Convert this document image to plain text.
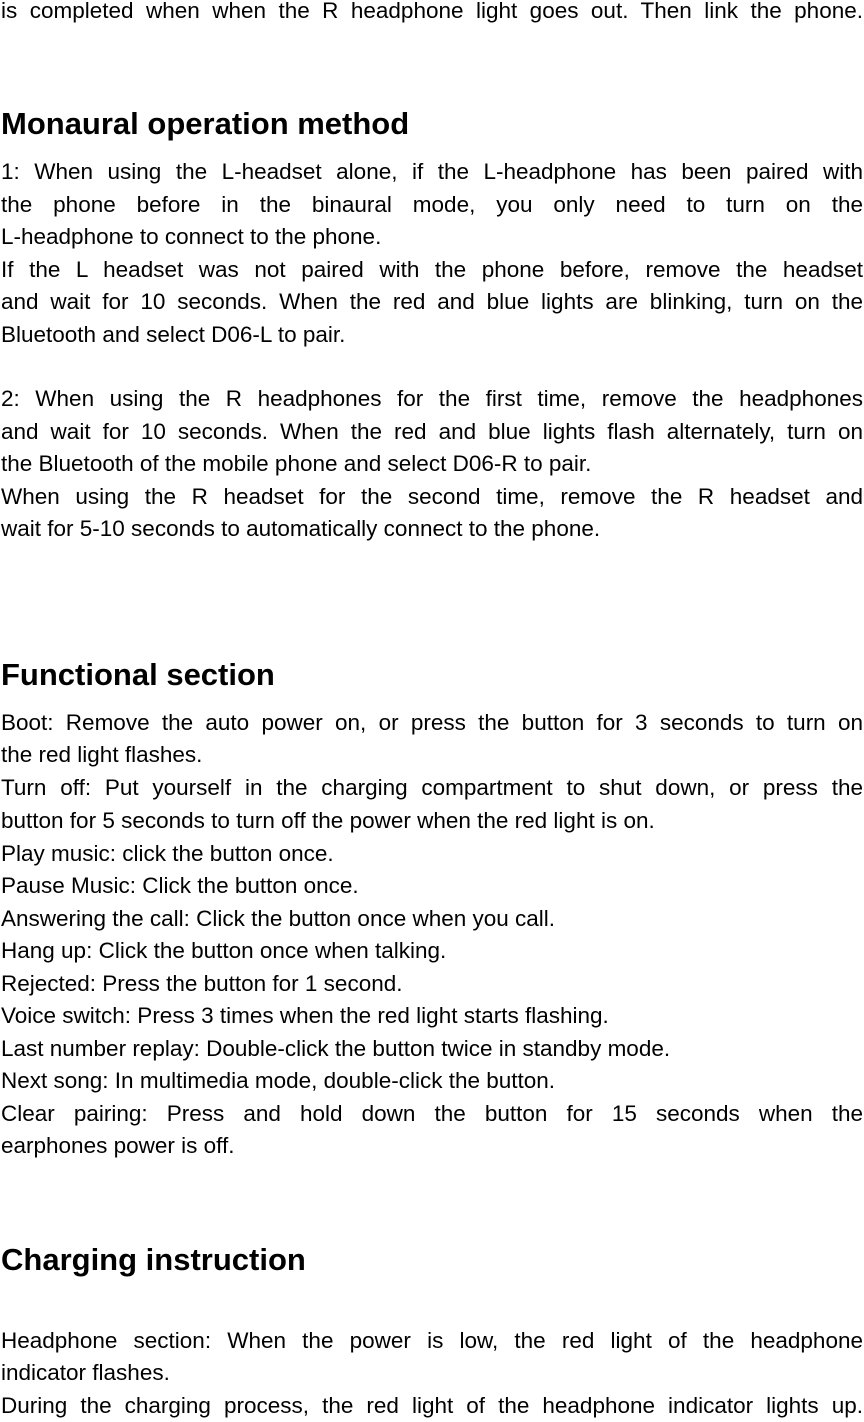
is completed when when the R headphone light goes out. Then link the phone.
Monaural operation method
1: When using the L-headset alone, if the L-headphone has been paired with
the phone before in the binaural mode, you only need to turn on the
L-headphone to connect to the phone.
If the L headset was not paired with the phone before, remove the headset
and wait for 10 seconds. When the red and blue lights are blinking, turn on the
Bluetooth and select D06-L to pair.
2: When using the R headphones for the first time, remove the headphones
and wait for 10 seconds. When the red and blue lights flash alternately, turn on
the Bluetooth of the mobile phone and select D06-R to pair.
When using the R headset for the second time, remove the R headset and
wait for 5-10 seconds to automatically connect to the phone.
Functional section
Boot: Remove the auto power on, or press the button for 3 seconds to turn on
the red light flashes.
Turn off: Put yourself in the charging compartment to shut down, or press the
button for 5 seconds to turn off the power when the red light is on.
Play music: click the button once.
Pause Music: Click the button once.
Answering the call: Click the button once when you call.
Hang up: Click the button once when talking.
Rejected: Press the button for 1 second.
Voice switch: Press 3 times when the red light starts flashing.
Last number replay: Double-click the button twice in standby mode.
Next song: In multimedia mode, double-click the button.
Clear pairing: Press and hold down the button for 15 seconds when the
earphones power is off.
Charging instruction
Headphone section: When the power is low, the red light of the headphone
indicator flashes.
During the charging process, the red light of the headphone indicator lights up.
